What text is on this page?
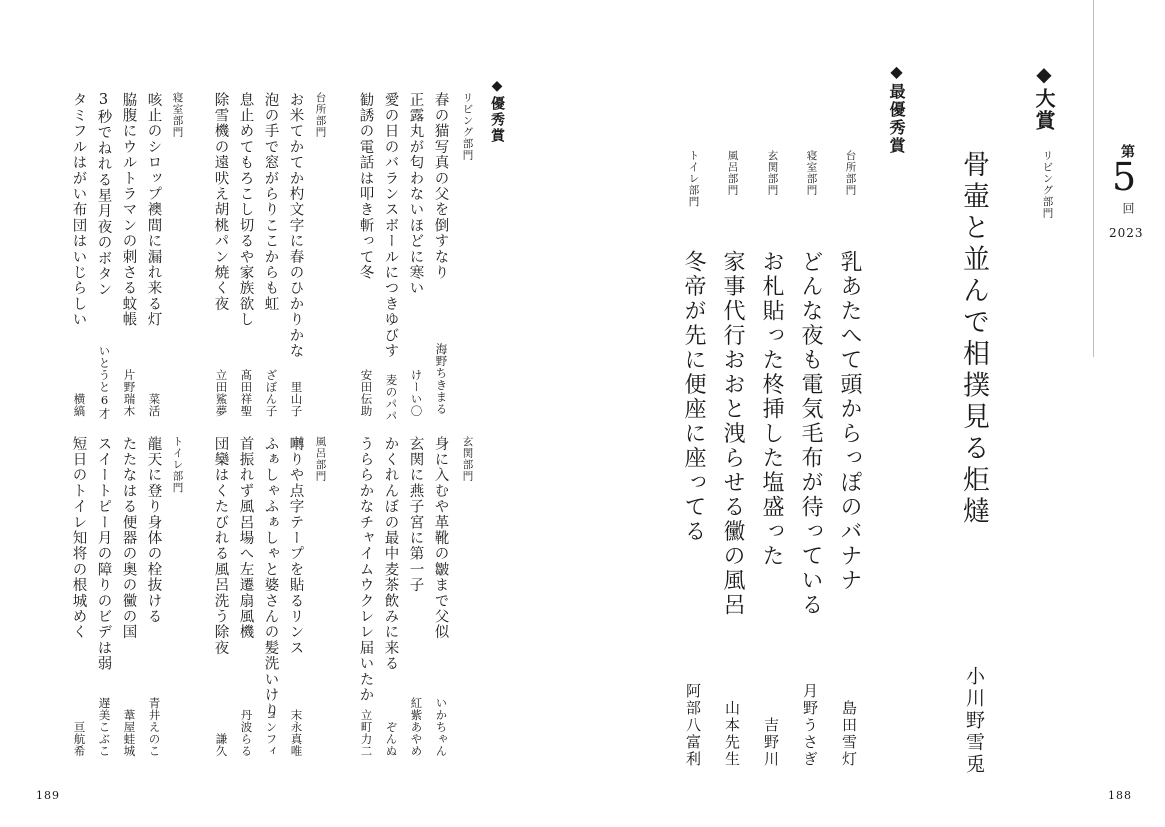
第
5
回
2023
◆大賞
リビング部門
骨壷と並んで相撲見る炬燵
小川野雪兎
◆最優秀賞
台所部門
乳あたへて頭からっぽのバナナ
島田雪灯
寝室部門
どんな夜も電気毛布が待っている
月野うさぎ
玄関部門
お札貼った柊挿した塩盛った
吉野川
風呂部門
家事代行おおと洩らせる黴の風呂
山本先生
トイレ部門
冬帝が先に便座に座ってる
阿部八富利
◆優秀賞
リビング部門
春の猫写真の父を倒すなり
海野ちきまる
正露丸が匂わないほどに寒い
けーい〇
愛の日のバランスボールにつきゆびす
麦のパパ
勧誘の電話は叩き斬って冬
安田伝助
台所部門
お米てかてか杓文字に春のひかりかな
里山子
泡の手で窓がらりここからも虹
ざぼん子
息止めてもろこし切るや家族欲し
髙田祥聖
除雪機の遠吠え胡桃パン焼く夜
立田鯊夢
寝室部門
咳止のシロップ襖間に漏れ来る灯
菜活
脇腹にウルトラマンの刺さる蚊帳
片野瑞木
3秒でねれる星月夜のボタン
いとうと6才
タミフルはがい布団はいじらしい
横縞
玄関部門
身に入むや革靴の皺まで父似
いかちゃん
玄関に燕子宮に第一子
紅紫あやめ
かくれんぼの最中麦茶飲みに来る
ぞんぬ
うららかなチャイムウクレレ届いたか
立町力二
風呂部門
囀りや点字テープを貼るリンス
末永真唯
ふぁしゃふぁしゃと婆さんの髪洗いけり
コンフィ
首振れず風呂場へ左遷扇風機
丹波らる
団欒はくたびれる風呂洗う除夜
謙久
トイレ部門
龍天に登り身体の栓抜ける
青井えのこ
たたなはる便器の奥の黴の国
葦屋蛙城
スイートピー月の障りのビデは弱
遅美こぶこ
短日のトイレ知将の根城めく
亘航希
189	188
